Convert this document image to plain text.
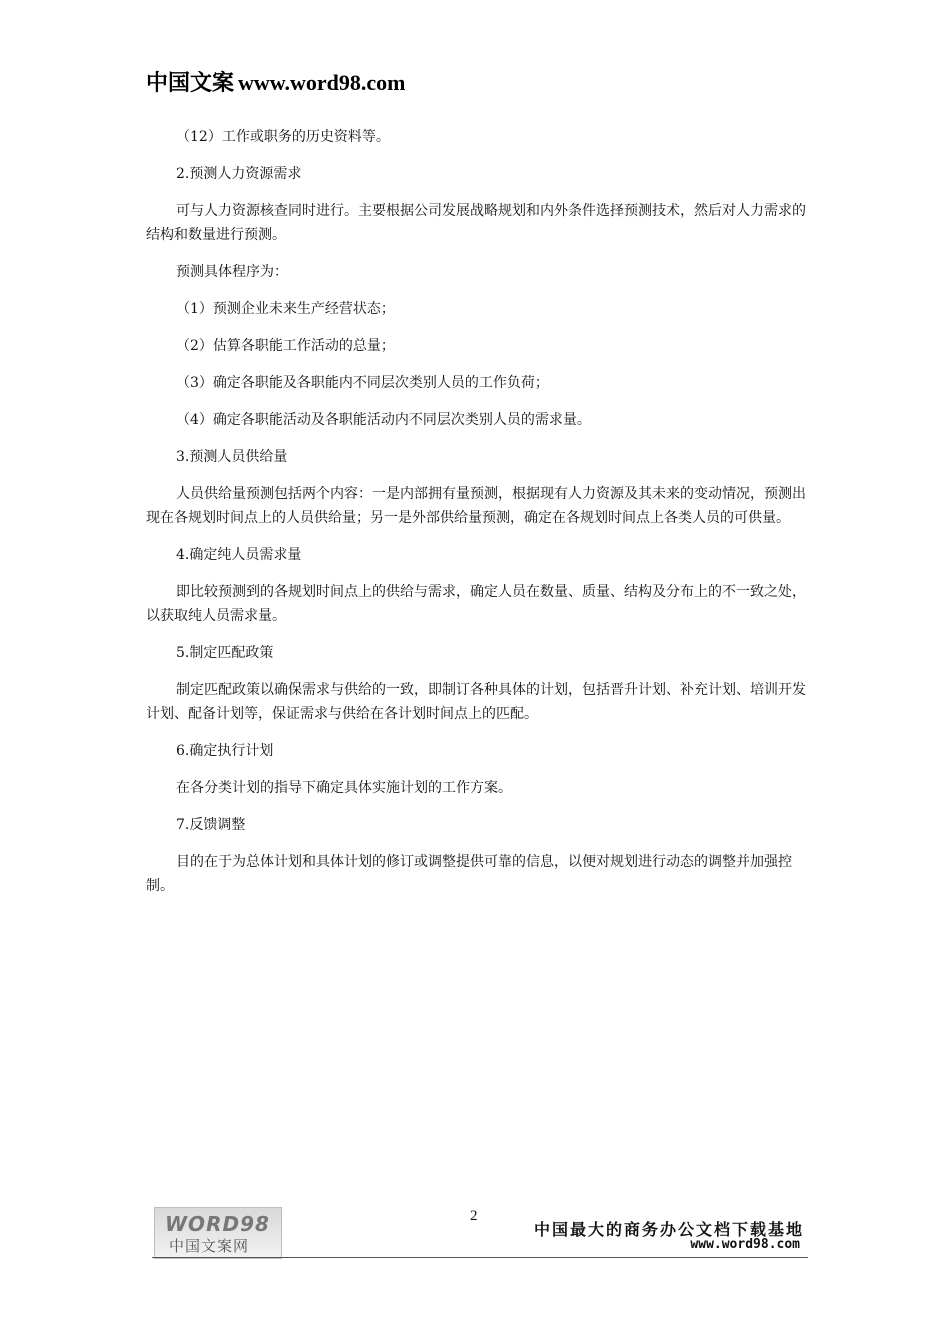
中国文案 www.word98.com

（12）工作或职务的历史资料等。

2.预测人力资源需求

可与人力资源核查同时进行。主要根据公司发展战略规划和内外条件选择预测技术，然后对人力需求的结构和数量进行预测。

预测具体程序为：

（1）预测企业未来生产经营状态；

（2）估算各职能工作活动的总量；

（3）确定各职能及各职能内不同层次类别人员的工作负荷；

（4）确定各职能活动及各职能活动内不同层次类别人员的需求量。

3.预测人员供给量

人员供给量预测包括两个内容：一是内部拥有量预测，根据现有人力资源及其未来的变动情况，预测出现在各规划时间点上的人员供给量；另一是外部供给量预测，确定在各规划时间点上各类人员的可供量。

4.确定纯人员需求量

即比较预测到的各规划时间点上的供给与需求，确定人员在数量、质量、结构及分布上的不一致之处，以获取纯人员需求量。

5.制定匹配政策

制定匹配政策以确保需求与供给的一致，即制订各种具体的计划，包括晋升计划、补充计划、培训开发计划、配备计划等，保证需求与供给在各计划时间点上的匹配。

6.确定执行计划

在各分类计划的指导下确定具体实施计划的工作方案。

7.反馈调整

目的在于为总体计划和具体计划的修订或调整提供可靠的信息，以便对规划进行动态的调整并加强控制。

WORD98
中国文案网
2
中国最大的商务办公文档下载基地
www.word98.com
